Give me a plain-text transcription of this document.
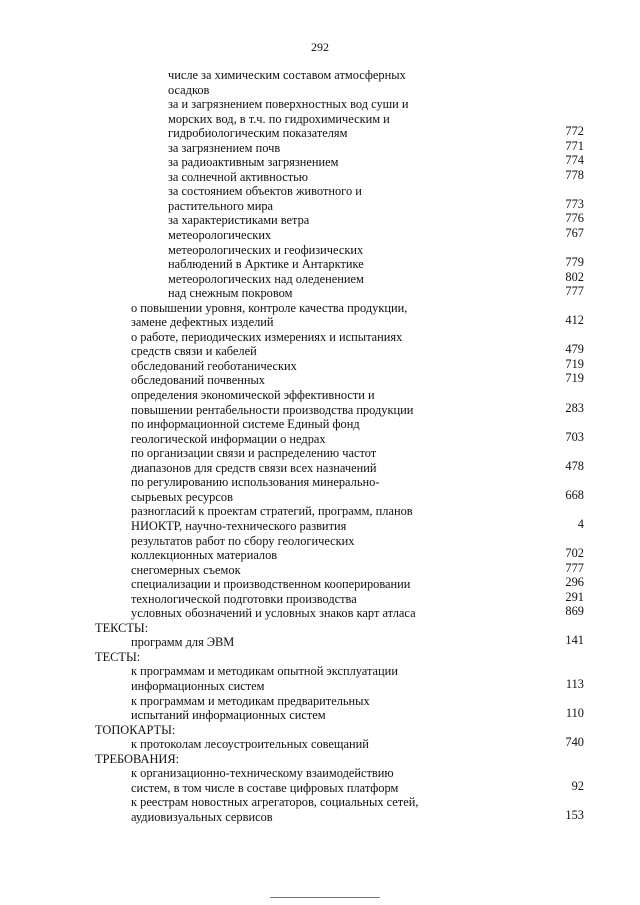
292
числе за химическим составом атмосферных
осадков
за и загрязнением поверхностных вод суши и
морских вод, в т.ч. по гидрохимическим и
гидробиологическим показателям	772
за загрязнением почв	771
за радиоактивным загрязнением	774
за солнечной активностью	778
за состоянием объектов животного и
растительного мира	773
за характеристиками ветра	776
метеорологических	767
метеорологических и геофизических
наблюдений в Арктике и Антарктике	779
метеорологических над оледенением	802
над снежным покровом	777
о повышении уровня, контроле качества продукции,
замене дефектных изделий	412
о работе, периодических измерениях и испытаниях
средств связи и кабелей	479
обследований геоботанических	719
обследований почвенных	719
определения экономической эффективности и
повышении рентабельности производства продукции	283
по информационной системе Единый фонд
геологической информации о недрах	703
по организации связи и распределению частот
диапазонов для средств связи всех назначений	478
по регулированию использования минерально-
сырьевых ресурсов	668
разногласий к проектам стратегий, программ, планов
НИОКТР, научно-технического развития	4
результатов работ по сбору геологических
коллекционных материалов	702
снегомерных съемок	777
специализации и производственном кооперировании	296
технологической подготовки производства	291
условных обозначений и условных знаков карт атласа	869
ТЕКСТЫ:
программ для ЭВМ	141
ТЕСТЫ:
к программам и методикам опытной эксплуатации
информационных систем	113
к программам и методикам предварительных
испытаний информационных систем	110
ТОПОКАРТЫ:
к протоколам лесоустроительных совещаний	740
ТРЕБОВАНИЯ:
к организационно-техническому взаимодействию
систем, в том числе в составе цифровых платформ	92
к реестрам новостных агрегаторов, социальных сетей,
аудиовизуальных сервисов	153
